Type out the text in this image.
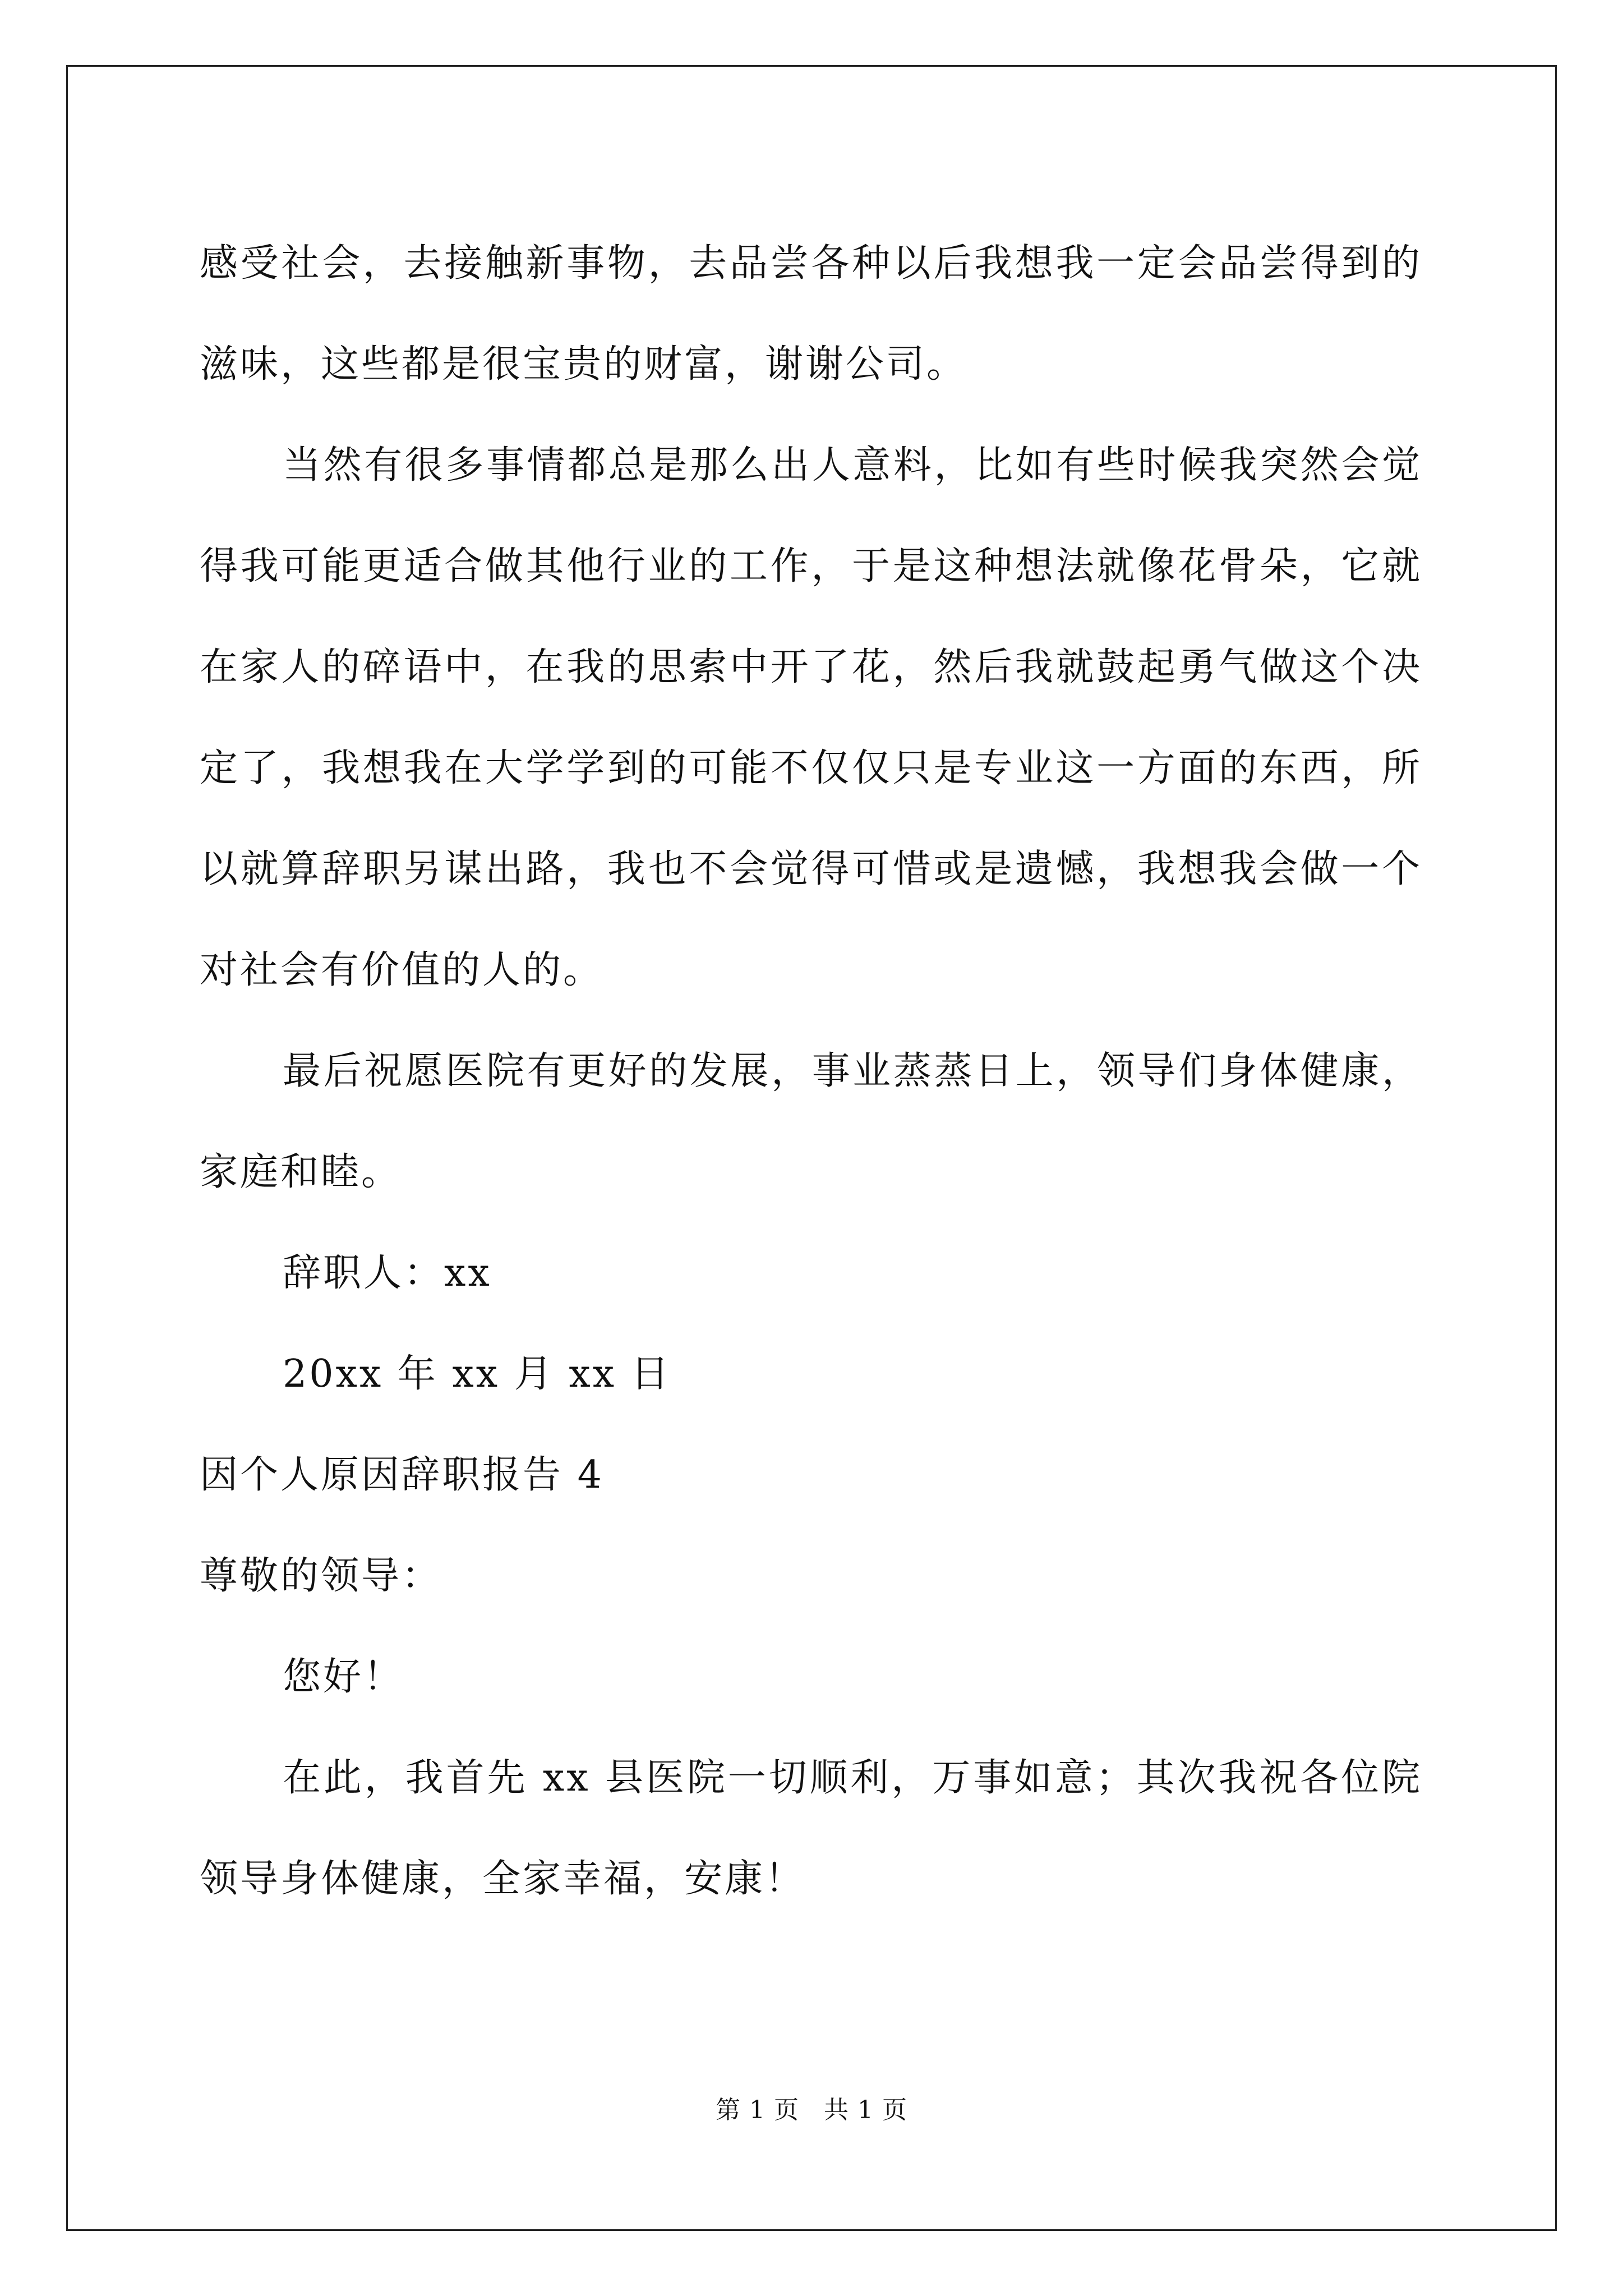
感受社会，去接触新事物，去品尝各种以后我想我一定会品尝得到的滋味，这些都是很宝贵的财富，谢谢公司。

当然有很多事情都总是那么出人意料，比如有些时候我突然会觉得我可能更适合做其他行业的工作，于是这种想法就像花骨朵，它就在家人的碎语中，在我的思索中开了花，然后我就鼓起勇气做这个决定了，我想我在大学学到的可能不仅仅只是专业这一方面的东西，所以就算辞职另谋出路，我也不会觉得可惜或是遗憾，我想我会做一个对社会有价值的人的。

最后祝愿医院有更好的发展，事业蒸蒸日上，领导们身体健康，家庭和睦。

辞职人：xx

20xx 年 xx 月 xx 日

因个人原因辞职报告 4

尊敬的领导：

您好！

在此，我首先 xx 县医院一切顺利，万事如意；其次我祝各位院领导身体健康，全家幸福，安康！

第 1 页 共 1 页
